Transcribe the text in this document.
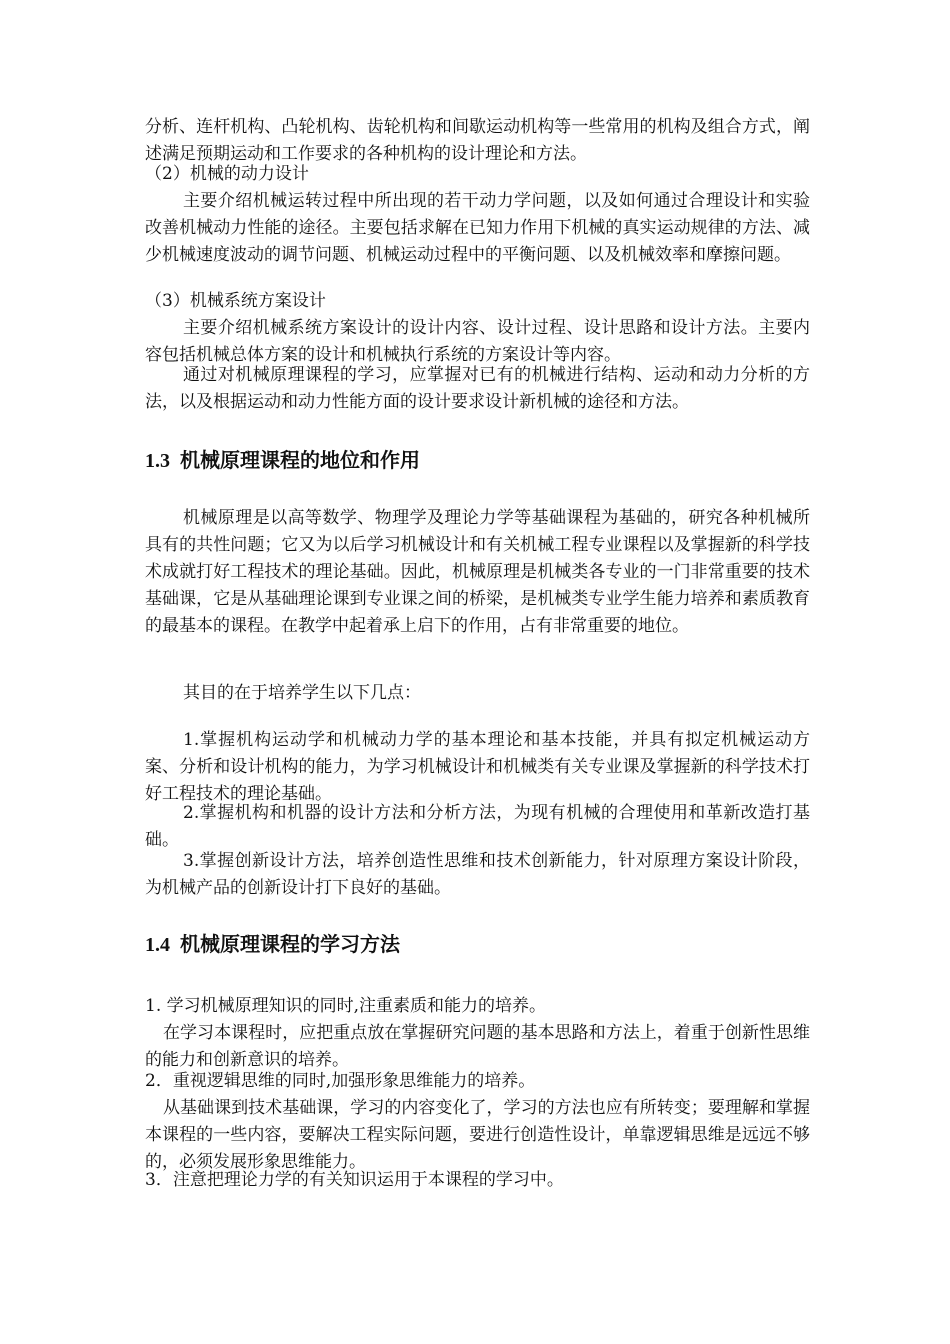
分析、连杆机构、凸轮机构、齿轮机构和间歇运动机构等一些常用的机构及组合方式，阐述满足预期运动和工作要求的各种机构的设计理论和方法。

（2）机械的动力设计

主要介绍机械运转过程中所出现的若干动力学问题，以及如何通过合理设计和实验改善机械动力性能的途径。主要包括求解在已知力作用下机械的真实运动规律的方法、减少机械速度波动的调节问题、机械运动过程中的平衡问题、以及机械效率和摩擦问题。

（3）机械系统方案设计

主要介绍机械系统方案设计的设计内容、设计过程、设计思路和设计方法。主要内容包括机械总体方案的设计和机械执行系统的方案设计等内容。

通过对机械原理课程的学习，应掌握对已有的机械进行结构、运动和动力分析的方法，以及根据运动和动力性能方面的设计要求设计新机械的途径和方法。

1.3 机械原理课程的地位和作用

机械原理是以高等数学、物理学及理论力学等基础课程为基础的，研究各种机械所具有的共性问题；它又为以后学习机械设计和有关机械工程专业课程以及掌握新的科学技术成就打好工程技术的理论基础。因此，机械原理是机械类各专业的一门非常重要的技术基础课，它是从基础理论课到专业课之间的桥梁，是机械类专业学生能力培养和素质教育的最基本的课程。在教学中起着承上启下的作用，占有非常重要的地位。

其目的在于培养学生以下几点：

1.掌握机构运动学和机械动力学的基本理论和基本技能，并具有拟定机械运动方案、分析和设计机构的能力，为学习机械设计和机械类有关专业课及掌握新的科学技术打好工程技术的理论基础。

2.掌握机构和机器的设计方法和分析方法，为现有机械的合理使用和革新改造打基础。

3.掌握创新设计方法，培养创造性思维和技术创新能力，针对原理方案设计阶段，为机械产品的创新设计打下良好的基础。

1.4 机械原理课程的学习方法

1. 学习机械原理知识的同时,注重素质和能力的培养。

在学习本课程时，应把重点放在掌握研究问题的基本思路和方法上，着重于创新性思维的能力和创新意识的培养。

2．重视逻辑思维的同时,加强形象思维能力的培养。

从基础课到技术基础课，学习的内容变化了，学习的方法也应有所转变；要理解和掌握本课程的一些内容，要解决工程实际问题，要进行创造性设计，单靠逻辑思维是远远不够的，必须发展形象思维能力。

3．注意把理论力学的有关知识运用于本课程的学习中。
